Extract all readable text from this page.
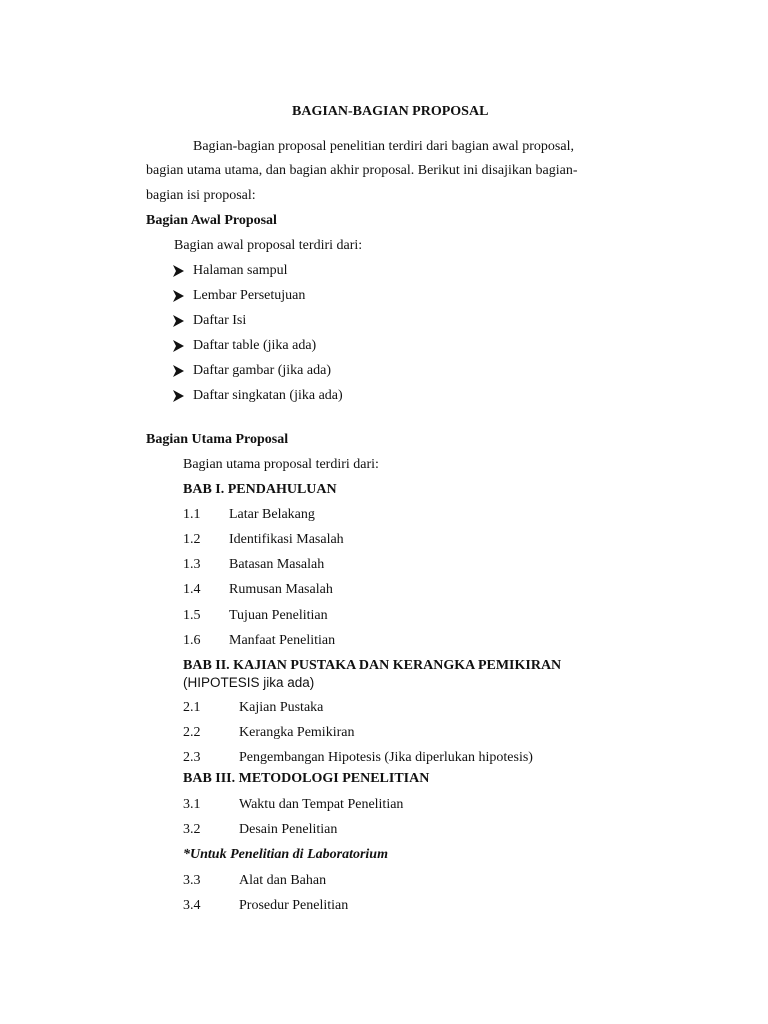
BAGIAN-BAGIAN PROPOSAL
Bagian-bagian proposal penelitian terdiri dari bagian awal proposal,
bagian utama utama, dan bagian akhir proposal. Berikut ini disajikan bagian-
bagian isi proposal:
Bagian Awal Proposal
Bagian awal proposal terdiri dari:
Halaman sampul
Lembar Persetujuan
Daftar Isi
Daftar table (jika ada)
Daftar gambar (jika ada)
Daftar singkatan (jika ada)
Bagian Utama Proposal
Bagian utama proposal terdiri dari:
BAB I. PENDAHULUAN
1.1 Latar Belakang
1.2 Identifikasi Masalah
1.3 Batasan Masalah
1.4 Rumusan Masalah
1.5 Tujuan Penelitian
1.6 Manfaat Penelitian
BAB II. KAJIAN PUSTAKA DAN KERANGKA PEMIKIRAN
(HIPOTESIS jika ada)
2.1	Kajian Pustaka
2.2	Kerangka Pemikiran
2.3	Pengembangan Hipotesis (Jika diperlukan hipotesis)
BAB III. METODOLOGI PENELITIAN
3.1	Waktu dan Tempat Penelitian
3.2	Desain Penelitian
*Untuk Penelitian di Laboratorium
3.3	Alat dan Bahan
3.4	Prosedur Penelitian
